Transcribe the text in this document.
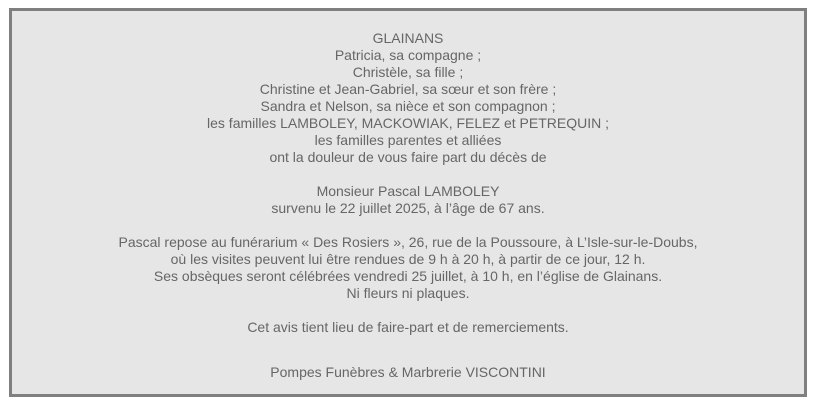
GLAINANS
Patricia, sa compagne ;
Christèle, sa fille ;
Christine et Jean-Gabriel, sa sœur et son frère ;
Sandra et Nelson, sa nièce et son compagnon ;
les familles LAMBOLEY, MACKOWIAK, FELEZ et PETREQUIN ;
les familles parentes et alliées
ont la douleur de vous faire part du décès de
Monsieur Pascal LAMBOLEY
survenu le 22 juillet 2025, à l’âge de 67 ans.
Pascal repose au funérarium « Des Rosiers », 26, rue de la Poussoure, à L’Isle-sur-le-Doubs,
où les visites peuvent lui être rendues de 9 h à 20 h, à partir de ce jour, 12 h.
Ses obsèques seront célébrées vendredi 25 juillet, à 10 h, en l’église de Glainans.
Ni fleurs ni plaques.
Cet avis tient lieu de faire-part et de remerciements.
Pompes Funèbres & Marbrerie VISCONTINI
